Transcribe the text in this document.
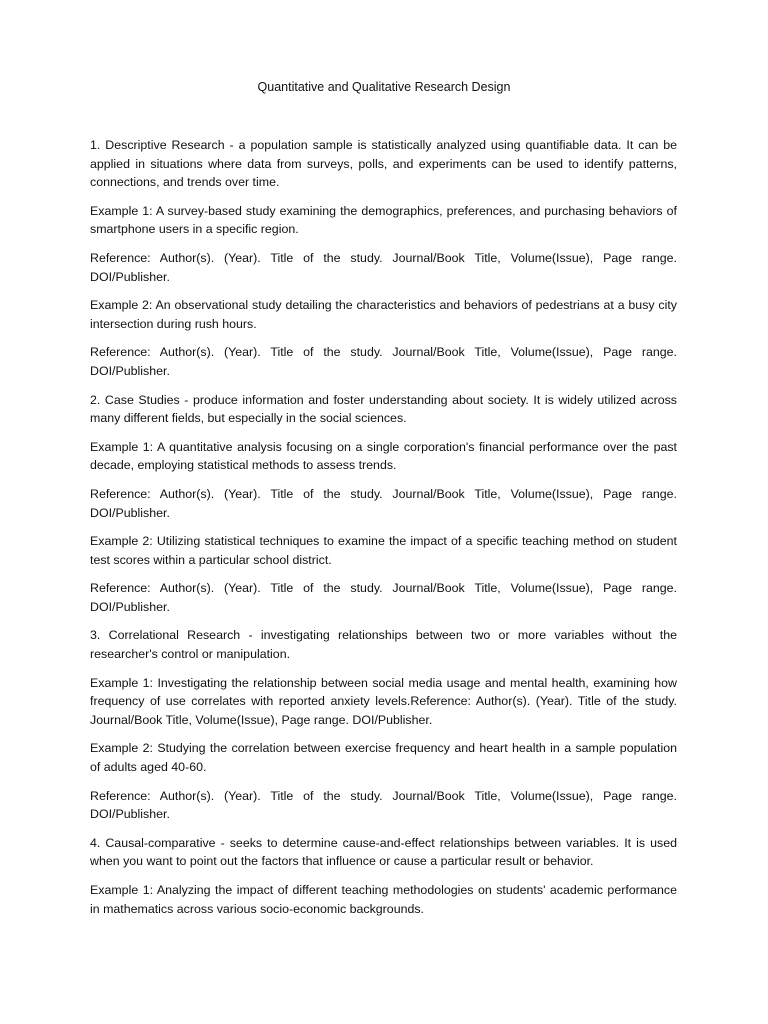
Quantitative and Qualitative Research Design

1. Descriptive Research - a population sample is statistically analyzed using quantifiable data. It can be applied in situations where data from surveys, polls, and experiments can be used to identify patterns, connections, and trends over time.

Example 1: A survey-based study examining the demographics, preferences, and purchasing behaviors of smartphone users in a specific region.

Reference: Author(s). (Year). Title of the study. Journal/Book Title, Volume(Issue), Page range. DOI/Publisher.

Example 2: An observational study detailing the characteristics and behaviors of pedestrians at a busy city intersection during rush hours.

Reference: Author(s). (Year). Title of the study. Journal/Book Title, Volume(Issue), Page range. DOI/Publisher.

2. Case Studies - produce information and foster understanding about society. It is widely utilized across many different fields, but especially in the social sciences.

Example 1: A quantitative analysis focusing on a single corporation's financial performance over the past decade, employing statistical methods to assess trends.

Reference: Author(s). (Year). Title of the study. Journal/Book Title, Volume(Issue), Page range. DOI/Publisher.

Example 2: Utilizing statistical techniques to examine the impact of a specific teaching method on student test scores within a particular school district.

Reference: Author(s). (Year). Title of the study. Journal/Book Title, Volume(Issue), Page range. DOI/Publisher.

3. Correlational Research - investigating relationships between two or more variables without the researcher's control or manipulation.

Example 1: Investigating the relationship between social media usage and mental health, examining how frequency of use correlates with reported anxiety levels.Reference: Author(s). (Year). Title of the study. Journal/Book Title, Volume(Issue), Page range. DOI/Publisher.

Example 2: Studying the correlation between exercise frequency and heart health in a sample population of adults aged 40-60.

Reference: Author(s). (Year). Title of the study. Journal/Book Title, Volume(Issue), Page range. DOI/Publisher.

4. Causal-comparative - seeks to determine cause-and-effect relationships between variables. It is used when you want to point out the factors that influence or cause a particular result or behavior.

Example 1: Analyzing the impact of different teaching methodologies on students' academic performance in mathematics across various socio-economic backgrounds.
